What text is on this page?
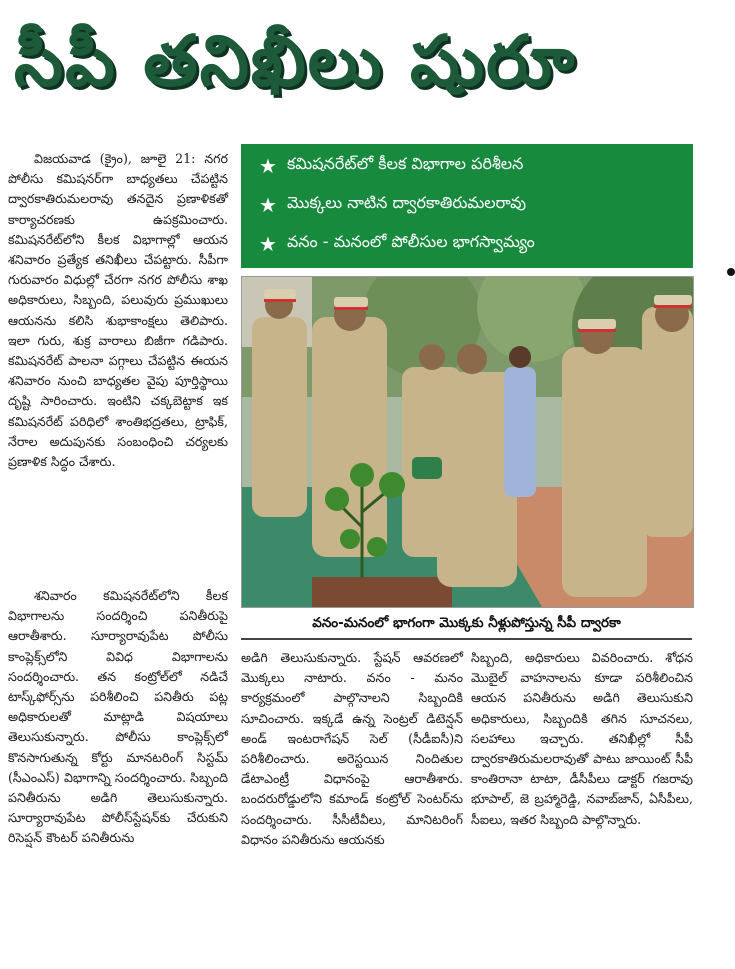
సీపీ తనిఖీలు షురూ

విజయవాడ (క్రైం), జూలై 21: నగర పోలీసు కమిషనర్‌గా బాధ్యతలు చేపట్టిన ద్వారకాతిరుమలరావు తనదైన ప్రణాళికతో కార్యాచరణకు ఉపక్రమించారు. కమిషనరేట్‌లోని కీలక విభాగాల్లో ఆయన శనివారం ప్రత్యేక తనిఖీలు చేపట్టారు. సీపీగా గురువారం విధుల్లో చేరగా నగర పోలీసు శాఖ అధికారులు, సిబ్బంది, పలువురు ప్రముఖులు ఆయనను కలిసి శుభాకాంక్షలు తెలిపారు. ఇలా గురు, శుక్ర వారాలు బిజీగా గడిపారు. కమిషనరేట్ పాలనా పగ్గాలు చేపట్టిన ఈయన శనివారం నుంచి బాధ్యతల వైపు పూర్తిస్థాయి దృష్టి సారించారు. ఇంటిని చక్కబెట్టాక ఇక కమిషనరేట్ పరిధిలో శాంతిభద్రతలు, ట్రాఫిక్, నేరాల అదుపునకు సంబంధించి చర్యలకు ప్రణాళిక సిద్ధం చేశారు.

★ కమిషనరేట్‌లో కీలక విభాగాల పరిశీలన
★ మొక్కలు నాటిన ద్వారకాతిరుమలరావు
★ వనం - మనంలో పోలీసుల భాగస్వామ్యం
వనం-మనంలో భాగంగా మొక్కకు నీళ్లుపోస్తున్న సీపీ ద్వారకా

శనివారం కమిషనరేట్‌లోని కీలక విభాగాలను సందర్శించి పనితీరుపై ఆరాతీశారు. సూర్యారావుపేట పోలీసు కాంప్లెక్స్‌లోని వివిధ విభాగాలను సందర్శించారు. తన కంట్రోల్‌లో నడిచే టాస్క్‌ఫోర్స్‌ను పరిశీలించి పనితీరు పట్ల అధికారులతో మాట్లాడి విషయాలు తెలుసుకున్నారు. పోలీసు కాంప్లెక్స్‌లో కొనసాగుతున్న కోర్టు మానటరింగ్ సిస్టమ్ (సీఎంఎస్) విభాగాన్ని సందర్శించారు. సిబ్బంది పనితీరును అడిగి తెలుసుకున్నారు. సూర్యారావుపేట పోలీస్‌స్టేషన్‌కు చేరుకుని రిసెప్షన్ కౌంటర్ పనితీరును

అడిగి తెలుసుకున్నారు. స్టేషన్ ఆవరణలో మొక్కలు నాటారు. వనం - మనం కార్యక్రమంలో పాల్గొనాలని సిబ్బందికి సూచించారు. ఇక్కడే ఉన్న సెంట్రల్ డిటెన్షన్ అండ్ ఇంటరాగేషన్ సెల్ (సీడీఐసీ)ని పరిశీలించారు. అరెస్టయిన నిందితుల డేటాఎంట్రీ విధానంపై ఆరాతీశారు. బందరురోడ్డులోని కమాండ్ కంట్రోల్ సెంటర్‌ను సందర్శించారు. సీసీటీవీలు, మానిటరింగ్ విధానం పనితీరును ఆయనకు

సిబ్బంది, అధికారులు వివరించారు. శోధన మొబైల్ వాహనాలను కూడా పరిశీలించిన ఆయన పనితీరును అడిగి తెలుసుకుని అధికారులు, సిబ్బందికి తగిన సూచనలు, సలహాలు ఇచ్చారు. తనిఖీల్లో సీపీ ద్వారకాతిరుమలరావుతో పాటు జాయింట్ సీపీ కాంతిరానా టాటా, డీసీపీలు డాక్టర్ గజరావు భూపాల్, జె బ్రహ్మారెడ్డి, నవాబ్‌జాన్, ఏసీపీలు, సీఐలు, ఇతర సిబ్బంది పాల్గొన్నారు.
